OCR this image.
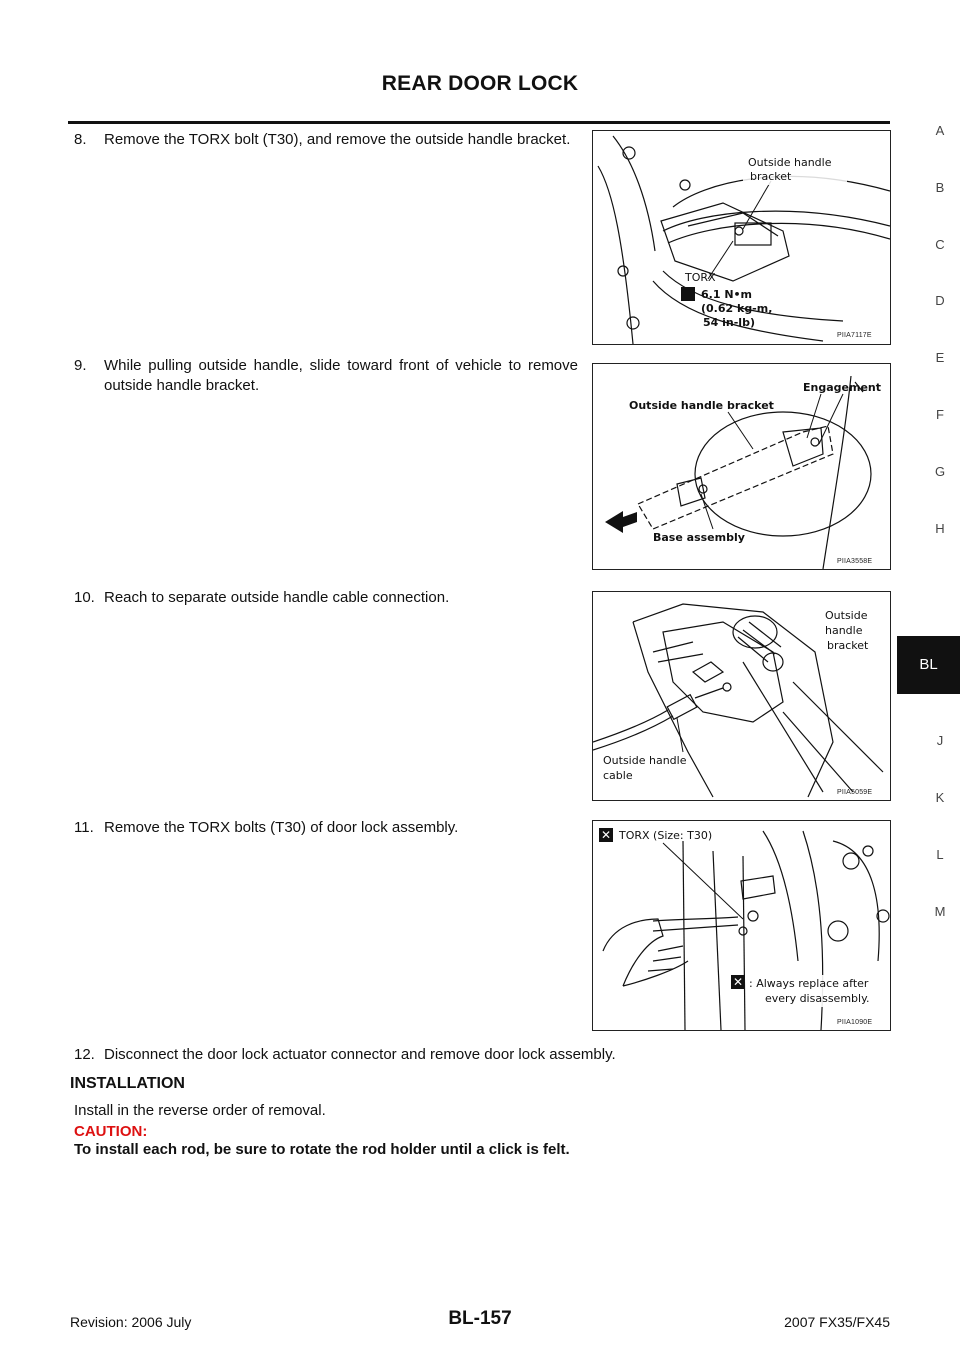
REAR DOOR LOCK
A
B
C
D
E
F
G
H
BL
J
K
L
M
8. Remove the TORX bolt (T30), and remove the outside handle bracket.
Outside handle
bracket
TORX
6.1 N•m
(0.62 kg-m,
54 in-lb)
PIIA7117E
9. While pulling outside handle, slide toward front of vehicle to remove outside handle bracket.	Engagement
Outside handle bracket
Base assembly
PIIA3558E
10. Reach to separate outside handle cable connection.
Outside
handle
bracket
Outside handle
cable
PIIA5059E
11. Remove the TORX bolts (T30) of door lock assembly.	✕ TORX (Size: T30)
✕ : Always replace after
every disassembly.
PIIA1090E
12. Disconnect the door lock actuator connector and remove door lock assembly.
INSTALLATION
Install in the reverse order of removal.
CAUTION:
To install each rod, be sure to rotate the rod holder until a click is felt.
Revision: 2006 July	BL-157	2007 FX35/FX45
